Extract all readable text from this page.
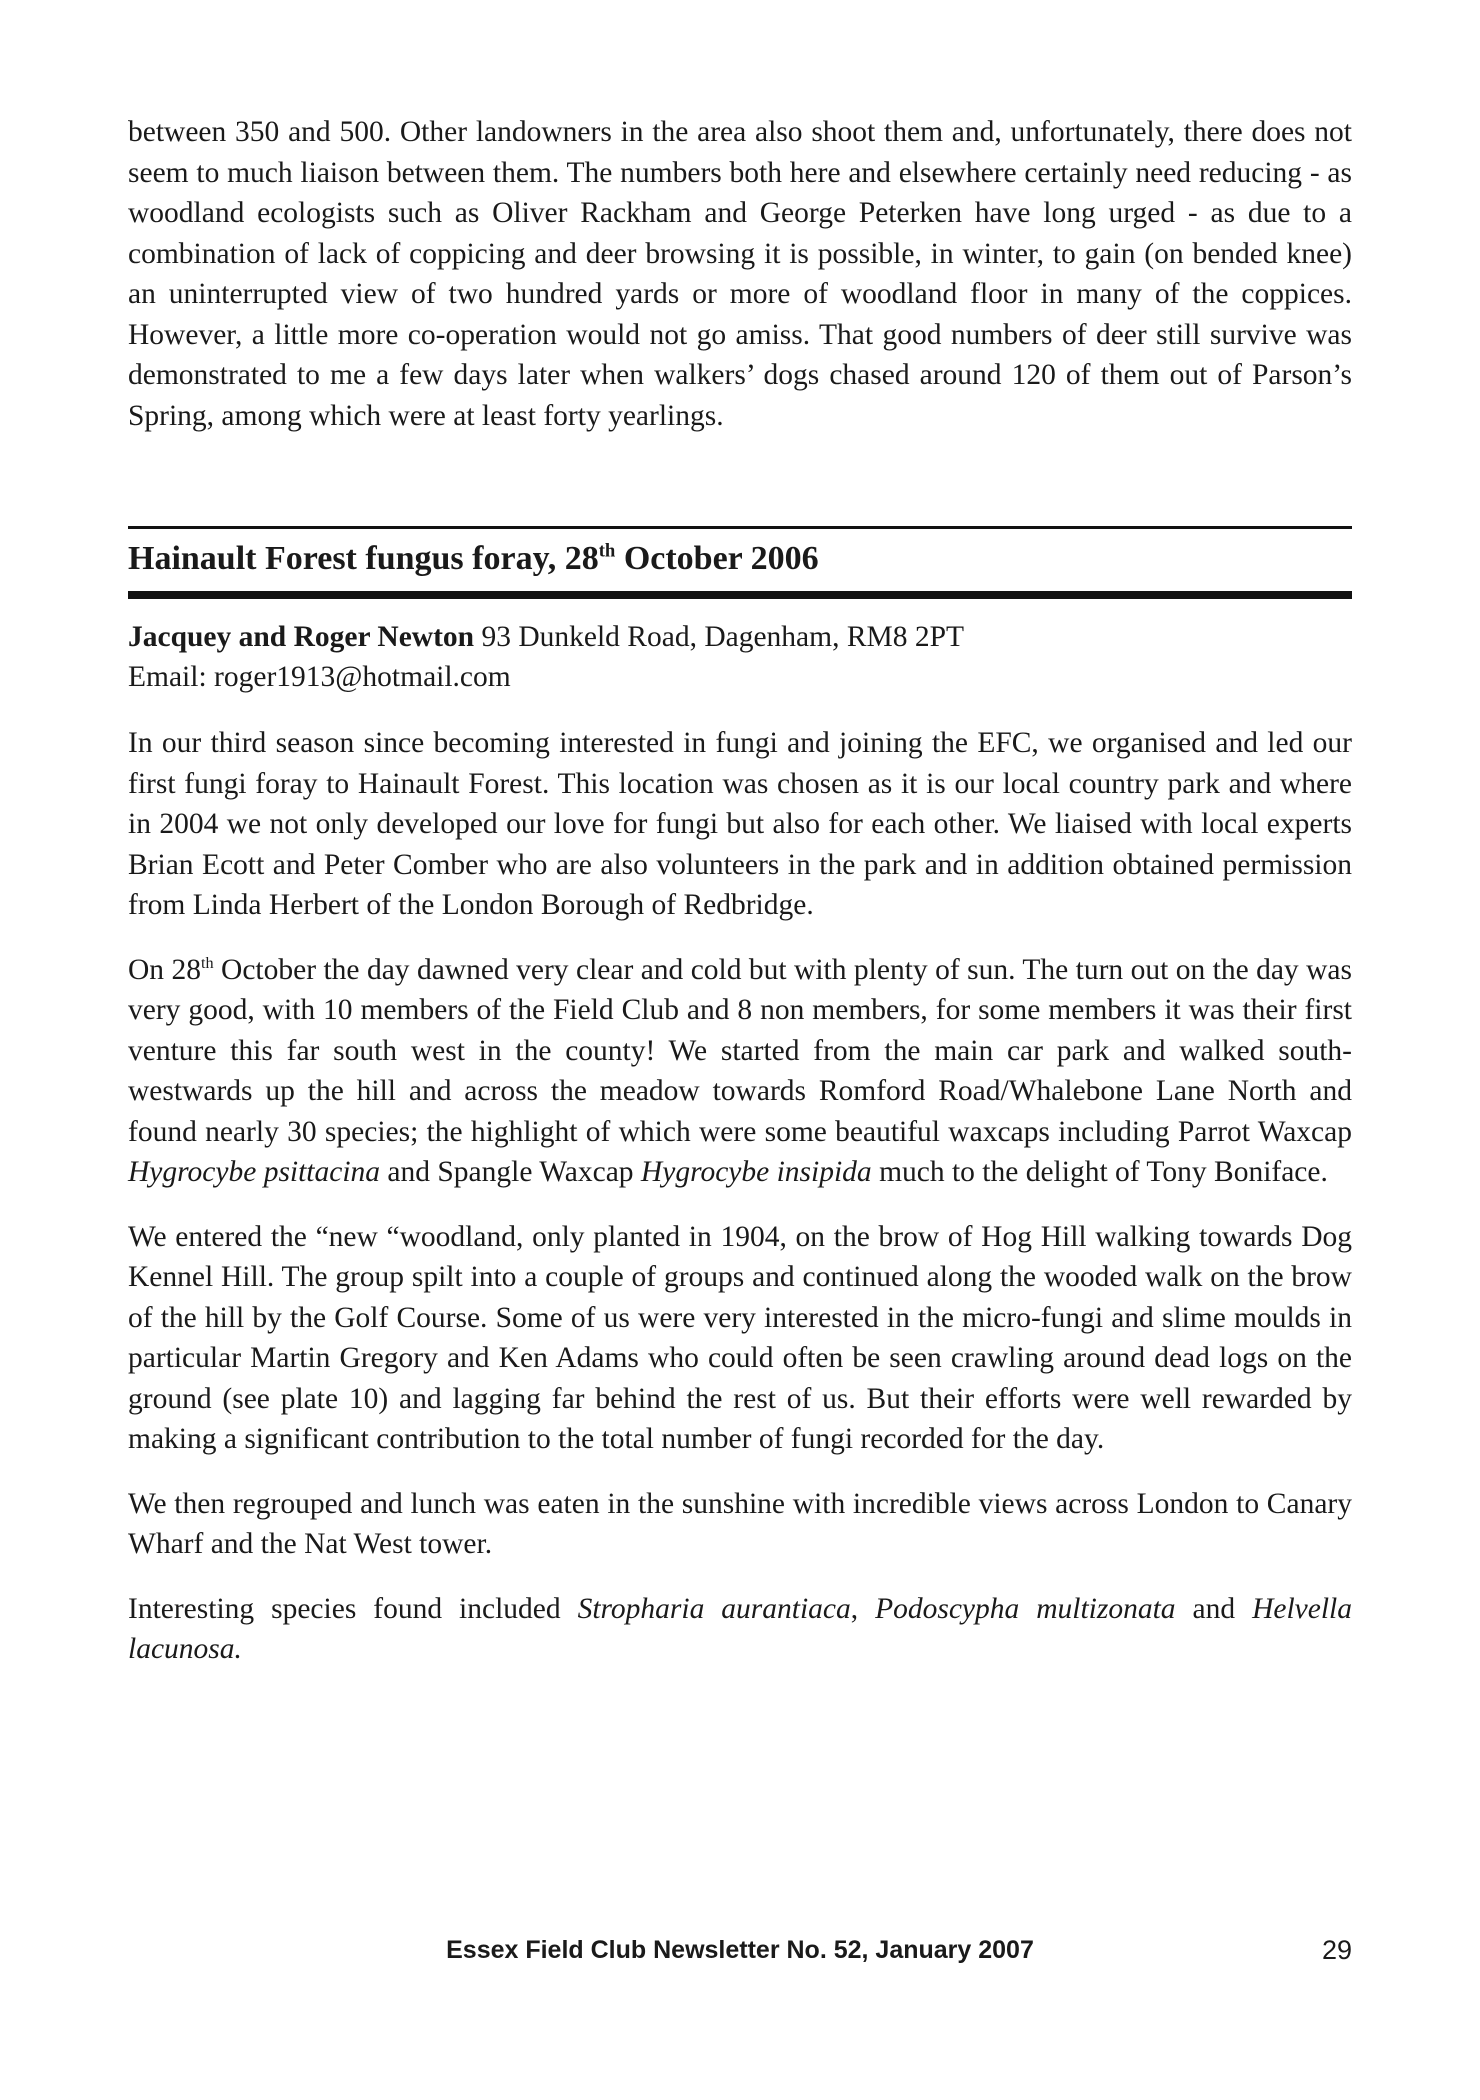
between 350 and 500. Other landowners in the area also shoot them and, unfortunately, there does not seem to much liaison between them. The numbers both here and elsewhere certainly need reducing - as woodland ecologists such as Oliver Rackham and George Peterken have long urged - as due to a combination of lack of coppicing and deer browsing it is possible, in winter, to gain (on bended knee) an uninterrupted view of two hundred yards or more of woodland floor in many of the coppices. However, a little more co-operation would not go amiss. That good numbers of deer still survive was demonstrated to me a few days later when walkers’ dogs chased around 120 of them out of Parson’s Spring, among which were at least forty yearlings.

Hainault Forest fungus foray, 28th October 2006
Jacquey and Roger Newton 93 Dunkeld Road, Dagenham, RM8 2PT
Email: roger1913@hotmail.com

In our third season since becoming interested in fungi and joining the EFC, we organised and led our first fungi foray to Hainault Forest. This location was chosen as it is our local country park and where in 2004 we not only developed our love for fungi but also for each other. We liaised with local experts Brian Ecott and Peter Comber who are also volunteers in the park and in addition obtained permission from Linda Herbert of the London Borough of Redbridge.

On 28th October the day dawned very clear and cold but with plenty of sun. The turn out on the day was very good, with 10 members of the Field Club and 8 non members, for some members it was their first venture this far south west in the county! We started from the main car park and walked south-westwards up the hill and across the meadow towards Romford Road/Whalebone Lane North and found nearly 30 species; the highlight of which were some beautiful waxcaps including Parrot Waxcap Hygrocybe psittacina and Spangle Waxcap Hygrocybe insipida much to the delight of Tony Boniface.

We entered the “new “woodland, only planted in 1904, on the brow of Hog Hill walking towards Dog Kennel Hill. The group spilt into a couple of groups and continued along the wooded walk on the brow of the hill by the Golf Course. Some of us were very interested in the micro-fungi and slime moulds in particular Martin Gregory and Ken Adams who could often be seen crawling around dead logs on the ground (see plate 10) and lagging far behind the rest of us. But their efforts were well rewarded by making a significant contribution to the total number of fungi recorded for the day.

We then regrouped and lunch was eaten in the sunshine with incredible views across London to Canary Wharf and the Nat West tower.

Interesting species found included Stropharia aurantiaca, Podoscypha multizonata and Helvella lacunosa.

Essex Field Club Newsletter No. 52, January 2007	29
